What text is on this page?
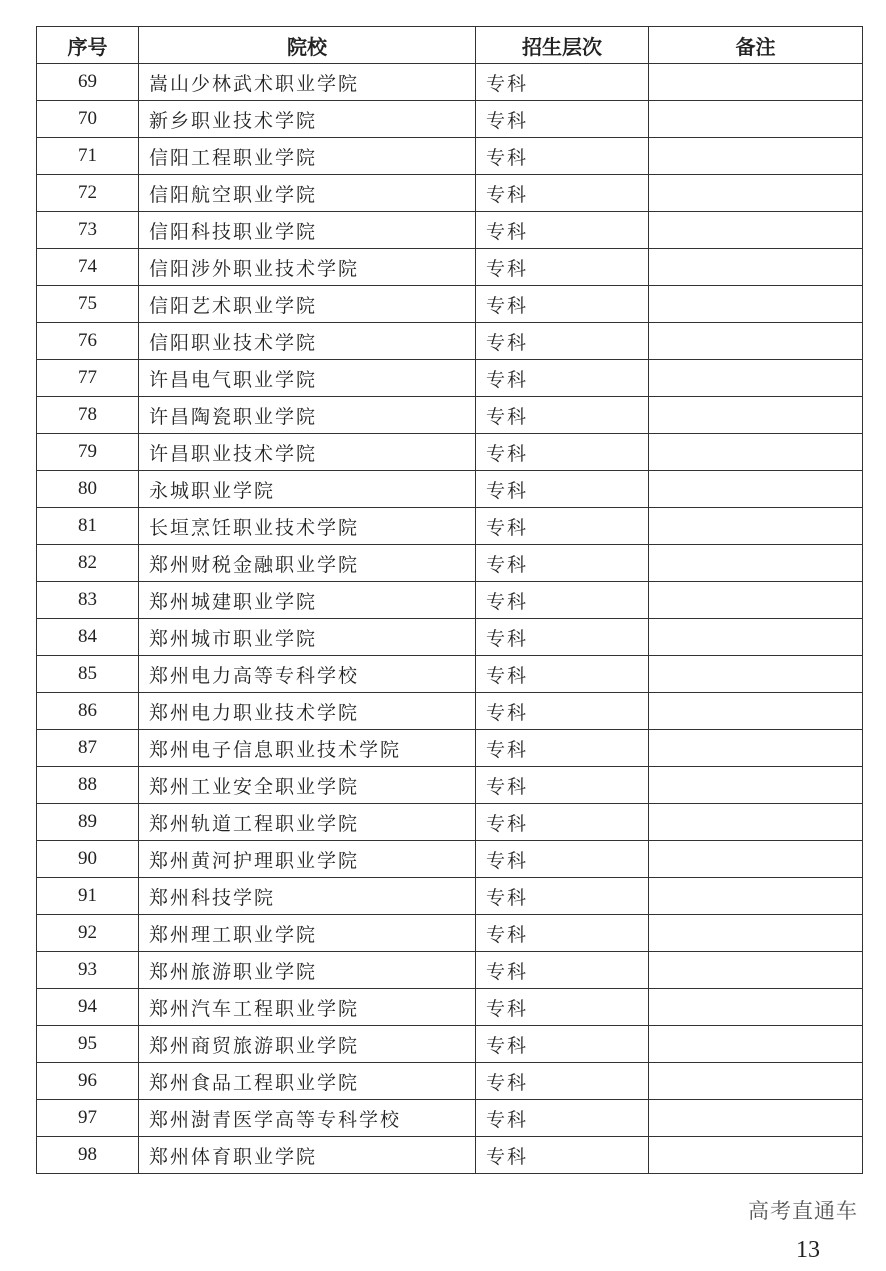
序号	院校	招生层次	备注
69	嵩山少林武术职业学院	专科	
70	新乡职业技术学院	专科	
71	信阳工程职业学院	专科	
72	信阳航空职业学院	专科	
73	信阳科技职业学院	专科	
74	信阳涉外职业技术学院	专科	
75	信阳艺术职业学院	专科	
76	信阳职业技术学院	专科	
77	许昌电气职业学院	专科	
78	许昌陶瓷职业学院	专科	
79	许昌职业技术学院	专科	
80	永城职业学院	专科	
81	长垣烹饪职业技术学院	专科	
82	郑州财税金融职业学院	专科	
83	郑州城建职业学院	专科	
84	郑州城市职业学院	专科	
85	郑州电力高等专科学校	专科	
86	郑州电力职业技术学院	专科	
87	郑州电子信息职业技术学院	专科	
88	郑州工业安全职业学院	专科	
89	郑州轨道工程职业学院	专科	
90	郑州黄河护理职业学院	专科	
91	郑州科技学院	专科	
92	郑州理工职业学院	专科	
93	郑州旅游职业学院	专科	
94	郑州汽车工程职业学院	专科	
95	郑州商贸旅游职业学院	专科	
96	郑州食品工程职业学院	专科	
97	郑州澍青医学高等专科学校	专科	
98	郑州体育职业学院	专科	
高考直通车
13
